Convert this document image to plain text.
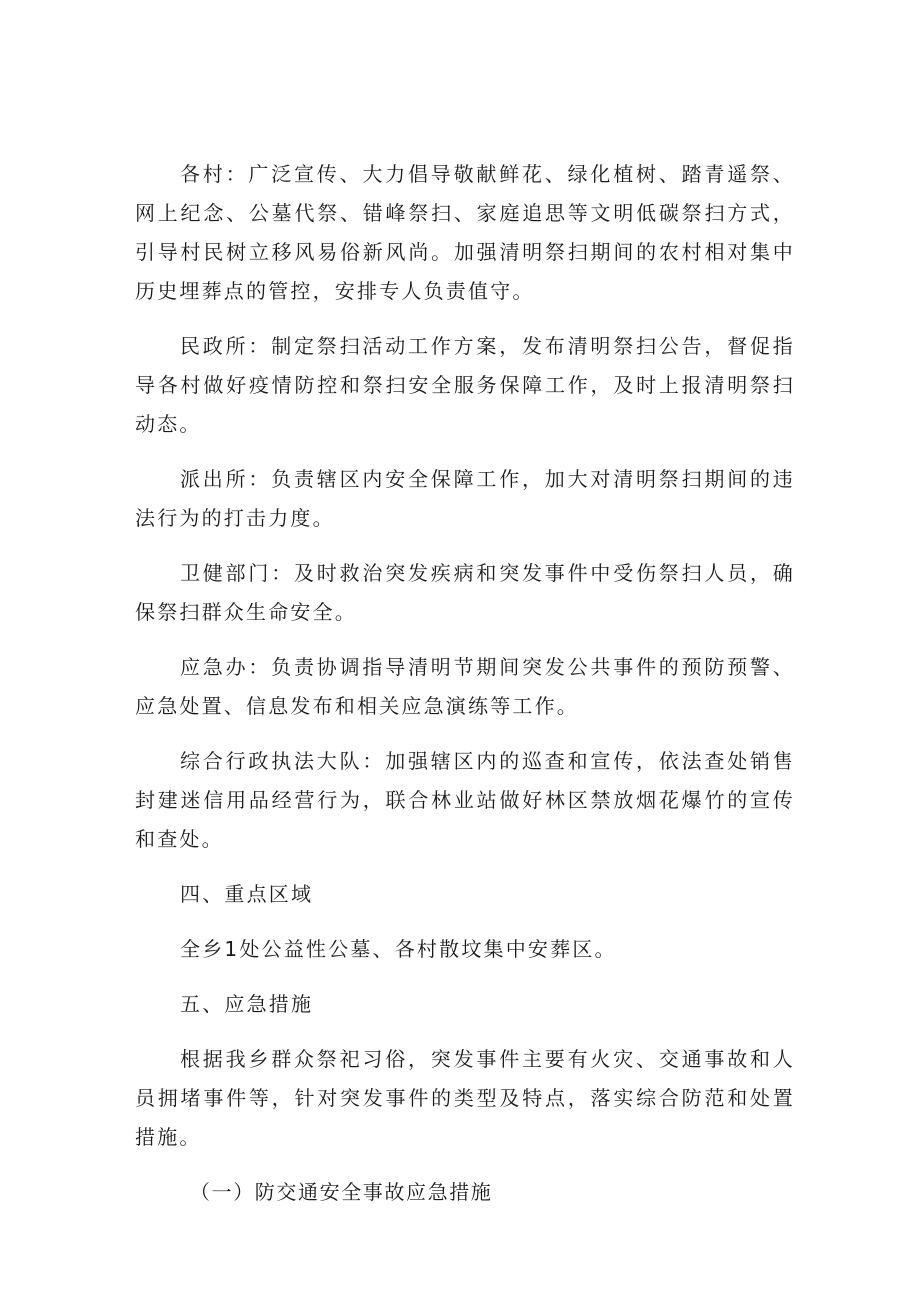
各村：广泛宣传、大力倡导敬献鲜花、绿化植树、踏青遥祭、网上纪念、公墓代祭、错峰祭扫、家庭追思等文明低碳祭扫方式，引导村民树立移风易俗新风尚。加强清明祭扫期间的农村相对集中历史埋葬点的管控，安排专人负责值守。

民政所：制定祭扫活动工作方案，发布清明祭扫公告，督促指导各村做好疫情防控和祭扫安全服务保障工作，及时上报清明祭扫动态。

派出所：负责辖区内安全保障工作，加大对清明祭扫期间的违法行为的打击力度。

卫健部门：及时救治突发疾病和突发事件中受伤祭扫人员，确保祭扫群众生命安全。

应急办：负责协调指导清明节期间突发公共事件的预防预警、应急处置、信息发布和相关应急演练等工作。

综合行政执法大队：加强辖区内的巡查和宣传，依法查处销售封建迷信用品经营行为，联合林业站做好林区禁放烟花爆竹的宣传和查处。

四、重点区域

全乡1处公益性公墓、各村散坟集中安葬区。

五、应急措施

根据我乡群众祭祀习俗，突发事件主要有火灾、交通事故和人员拥堵事件等，针对突发事件的类型及特点，落实综合防范和处置措施。

（一）防交通安全事故应急措施
